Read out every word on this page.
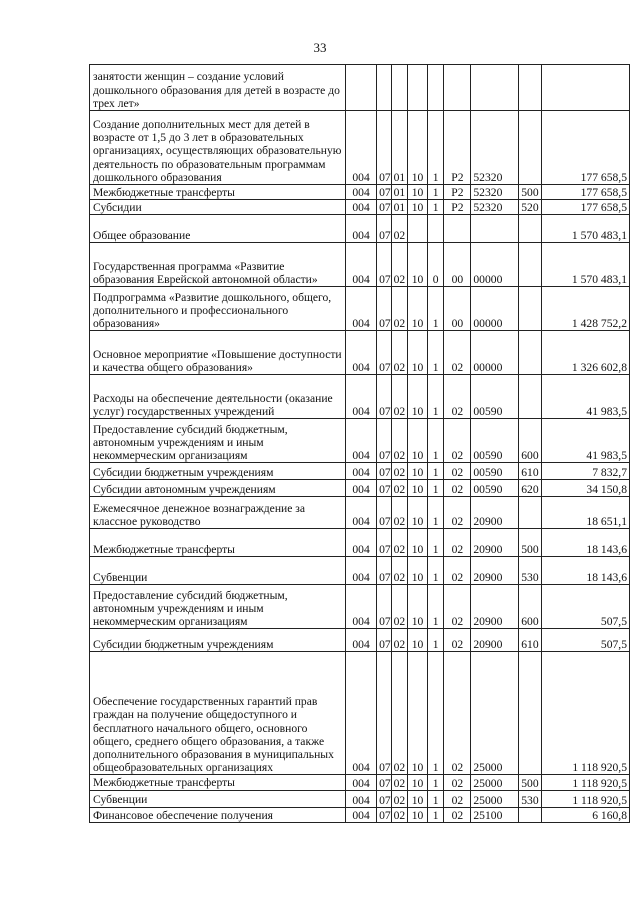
33
занятости женщин – создание условий дошкольного образования для детей в возрасте до трех лет»									
Создание дополнительных мест для детей в возрасте от 1,5 до 3 лет в образовательных организациях, осуществляющих образовательную деятельность по образовательным программам дошкольного образования	004	07	01	10	1	P2	52320		177 658,5
Межбюджетные трансферты	004	07	01	10	1	P2	52320	500	177 658,5
Субсидии	004	07	01	10	1	P2	52320	520	177 658,5
Общее образование	004	07	02						1 570 483,1
Государственная программа «Развитие образования Еврейской автономной области»	004	07	02	10	0	00	00000		1 570 483,1
Подпрограмма «Развитие дошкольного, общего, дополнительного и профессионального образования»	004	07	02	10	1	00	00000		1 428 752,2
Основное мероприятие «Повышение доступности и качества общего образования»	004	07	02	10	1	02	00000		1 326 602,8
Расходы на обеспечение деятельности (оказание услуг) государственных учреждений	004	07	02	10	1	02	00590		41 983,5
Предоставление субсидий бюджетным, автономным учреждениям и иным некоммерческим организациям	004	07	02	10	1	02	00590	600	41 983,5
Субсидии бюджетным учреждениям	004	07	02	10	1	02	00590	610	7 832,7
Субсидии автономным учреждениям	004	07	02	10	1	02	00590	620	34 150,8
Ежемесячное денежное вознаграждение за классное руководство	004	07	02	10	1	02	20900		18 651,1
Межбюджетные трансферты	004	07	02	10	1	02	20900	500	18 143,6
Субвенции	004	07	02	10	1	02	20900	530	18 143,6
Предоставление субсидий бюджетным, автономным учреждениям и иным некоммерческим организациям	004	07	02	10	1	02	20900	600	507,5
Субсидии бюджетным учреждениям	004	07	02	10	1	02	20900	610	507,5
Обеспечение государственных гарантий прав граждан на получение общедоступного и бесплатного начального общего, основного общего, среднего общего образования, а также дополнительного образования в муниципальных общеобразовательных организациях	004	07	02	10	1	02	25000		1 118 920,5
Межбюджетные трансферты	004	07	02	10	1	02	25000	500	1 118 920,5
Субвенции	004	07	02	10	1	02	25000	530	1 118 920,5
Финансовое обеспечение получения	004	07	02	10	1	02	25100		6 160,8
